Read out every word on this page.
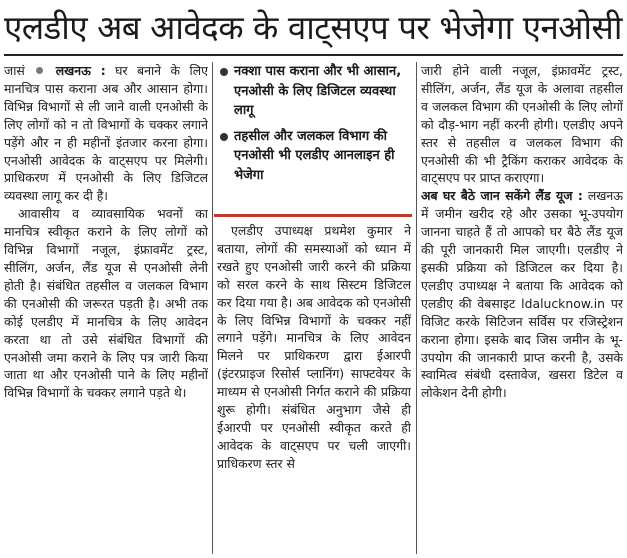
एलडीए अब आवेदक के वाट्सएप पर भेजेगा एनओसी

जासं लखनऊ : घर बनाने के लिए मानचित्र पास कराना अब और आसान होगा। विभिन्न विभागों से ली जाने वाली एनओसी के लिए लोगों को न तो विभागों के चक्कर लगाने पड़ेंगे और न ही महीनों इंतजार करना होगा। एनओसी आवेदक के वाट्सएप पर मिलेगी। प्राधिकरण में एनओसी के लिए डिजिटल व्यवस्था लागू कर दी है।

आवासीय व व्यावसायिक भवनों का मानचित्र स्वीकृत कराने के लिए लोगों को विभिन्न विभागों नजूल, इंफ्रावमेंट ट्रस्ट, सीलिंग, अर्जन, लैंड यूज से एनओसी लेनी होती है। संबंधित तहसील व जलकल विभाग की एनओसी की जरूरत पड़ती है। अभी तक कोई एलडीए में मानचित्र के लिए आवेदन करता था तो उसे संबंधित विभागों की एनओसी जमा कराने के लिए पत्र जारी किया जाता था और एनओसी पाने के लिए महीनों विभिन्न विभागों के चक्कर लगाने पड़ते थे।

नक्शा पास कराना और भी आसान, एनओसी के लिए डिजिटल व्यवस्था लागू
तहसील और जलकल विभाग की एनओसी भी एलडीए आनलाइन ही भेजेगा

एलडीए उपाध्यक्ष प्रथमेश कुमार ने बताया, लोगों की समस्याओं को ध्यान में रखते हुए एनओसी जारी करने की प्रक्रिया को सरल करने के साथ सिस्टम डिजिटल कर दिया गया है। अब आवेदक को एनओसी के लिए विभिन्न विभागों के चक्कर नहीं लगाने पड़ेंगे। मानचित्र के लिए आवेदन मिलने पर प्राधिकरण द्वारा ईआरपी (इंटरप्राइज रिसोर्स प्लानिंग) साफ्टवेयर के माध्यम से एनओसी निर्गत कराने की प्रक्रिया शुरू होगी। संबंधित अनुभाग जैसे ही ईआरपी पर एनओसी स्वीकृत करते ही आवेदक के वाट्सएप पर चली जाएगी। प्राधिकरण स्तर से

जारी होने वाली नजूल, इंफ्रावमेंट ट्रस्ट, सीलिंग, अर्जन, लैंड यूज के अलावा तहसील व जलकल विभाग की एनओसी के लिए लोगों को दौड़-भाग नहीं करनी होगी। एलडीए अपने स्तर से तहसील व जलकल विभाग की एनओसी की भी ट्रैकिंग कराकर आवेदक के वाट्सएप पर प्राप्त कराएगा।

अब घर बैठे जान सकेंगे लैंड यूज : लखनऊ में जमीन खरीद रहे और उसका भू-उपयोग जानना चाहते हैं तो आपको घर बैठे लैंड यूज की पूरी जानकारी मिल जाएगी। एलडीए ने इसकी प्रक्रिया को डिजिटल कर दिया है। एलडीए उपाध्यक्ष ने बताया कि आवेदक को एलडीए की वेबसाइट ldalucknow.in पर विजिट करके सिटिजन सर्विस पर रजिस्ट्रेशन कराना होगा। इसके बाद जिस जमीन के भू-उपयोग की जानकारी प्राप्त करनी है, उसके स्वामित्व संबंधी दस्तावेज, खसरा डिटेल व लोकेशन देनी होगी।
